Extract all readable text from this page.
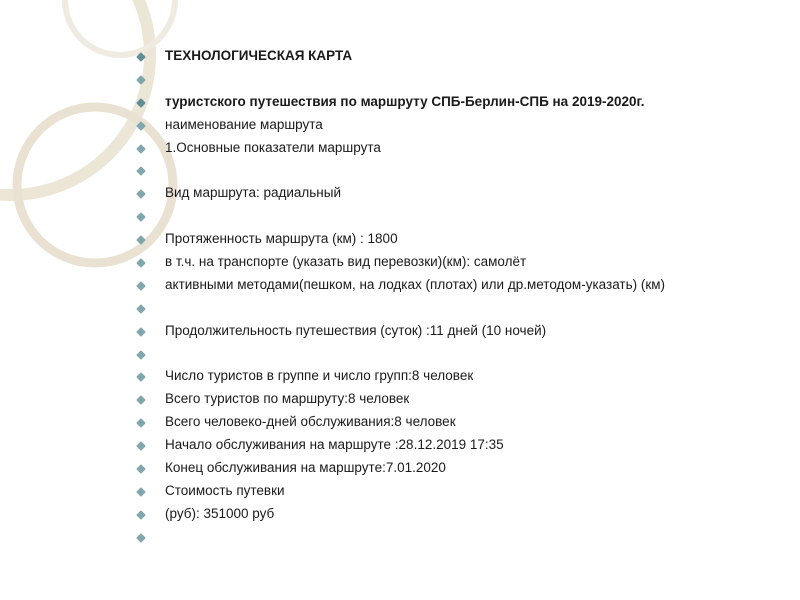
ТЕХНОЛОГИЧЕСКАЯ КАРТА
туристского путешествия по маршруту СПБ-Берлин-СПБ на 2019-2020г.
наименование маршрута
1.Основные показатели маршрута
Вид маршрута: радиальный
Протяженность маршрута (км) : 1800
в т.ч. на транспорте (указать вид перевозки)(км): самолёт
активными методами(пешком, на лодках (плотах) или др.методом-указать) (км)
Продолжительность путешествия (суток) :11 дней (10 ночей)
Число туристов в группе и число групп:8 человек
Всего туристов по маршруту:8 человек
Всего человеко-дней обслуживания:8 человек
Начало обслуживания на маршруте :28.12.2019 17:35
Конец обслуживания на маршруте:7.01.2020
Стоимость путевки
(руб): 351000 руб
